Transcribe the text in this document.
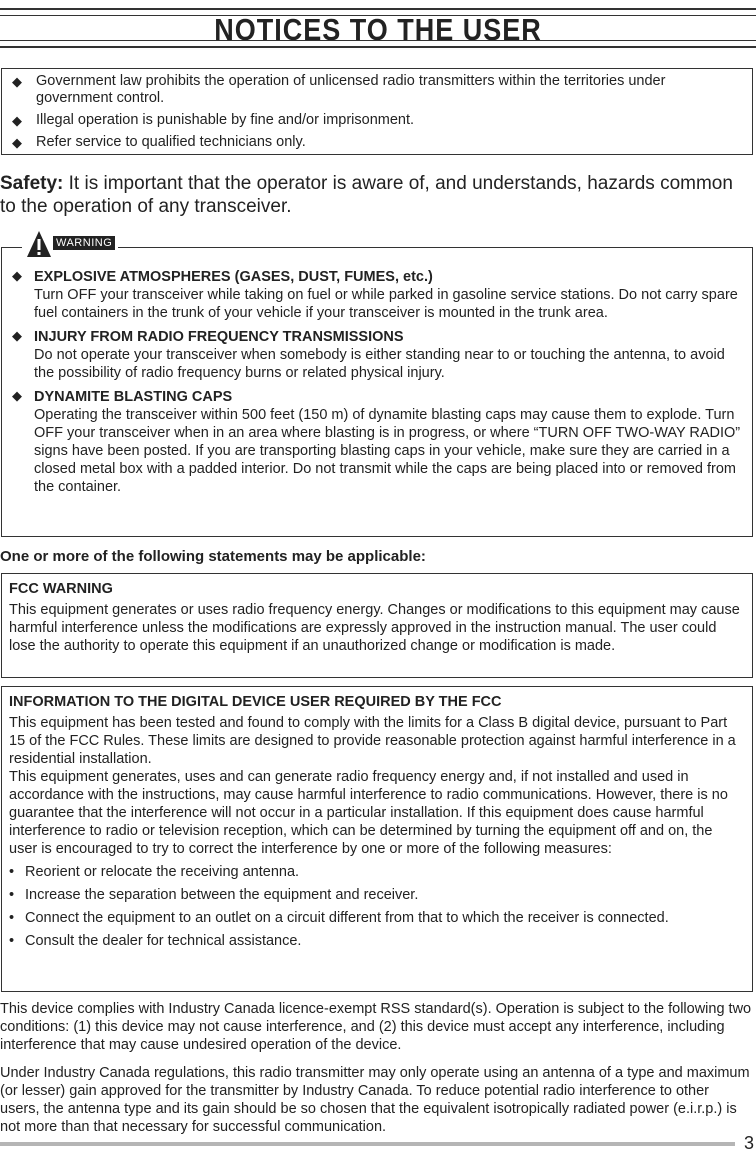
NOTICES TO THE USER
◆ Government law prohibits the operation of unlicensed radio transmitters within the territories under government control.
◆ Illegal operation is punishable by fine and/or imprisonment.
◆ Refer service to qualified technicians only.
Safety: It is important that the operator is aware of, and understands, hazards common to the operation of any transceiver.
◆ EXPLOSIVE ATMOSPHERES (GASES, DUST, FUMES, etc.)
Turn OFF your transceiver while taking on fuel or while parked in gasoline service stations. Do not carry spare fuel containers in the trunk of your vehicle if your transceiver is mounted in the trunk area.
◆ INJURY FROM RADIO FREQUENCY TRANSMISSIONS
Do not operate your transceiver when somebody is either standing near to or touching the antenna, to avoid the possibility of radio frequency burns or related physical injury.
◆ DYNAMITE BLASTING CAPS
Operating the transceiver within 500 feet (150 m) of dynamite blasting caps may cause them to explode. Turn OFF your transceiver when in an area where blasting is in progress, or where “TURN OFF TWO-WAY RADIO” signs have been posted. If you are transporting blasting caps in your vehicle, make sure they are carried in a closed metal box with a padded interior. Do not transmit while the caps are being placed into or removed from the container.
WARNING
One or more of the following statements may be applicable:
FCC WARNING
This equipment generates or uses radio frequency energy. Changes or modifications to this equipment may cause harmful interference unless the modifications are expressly approved in the instruction manual. The user could lose the authority to operate this equipment if an unauthorized change or modification is made.
INFORMATION TO THE DIGITAL DEVICE USER REQUIRED BY THE FCC
This equipment has been tested and found to comply with the limits for a Class B digital device, pursuant to Part 15 of the FCC Rules. These limits are designed to provide reasonable protection against harmful interference in a residential installation.
This equipment generates, uses and can generate radio frequency energy and, if not installed and used in accordance with the instructions, may cause harmful interference to radio communications. However, there is no guarantee that the interference will not occur in a particular installation. If this equipment does cause harmful interference to radio or television reception, which can be determined by turning the equipment off and on, the user is encouraged to try to correct the interference by one or more of the following measures:
• Reorient or relocate the receiving antenna.
• Increase the separation between the equipment and receiver.
• Connect the equipment to an outlet on a circuit different from that to which the receiver is connected.
• Consult the dealer for technical assistance.
This device complies with Industry Canada licence-exempt RSS standard(s). Operation is subject to the following two conditions: (1) this device may not cause interference, and (2) this device must accept any interference, including interference that may cause undesired operation of the device.
Under Industry Canada regulations, this radio transmitter may only operate using an antenna of a type and maximum (or lesser) gain approved for the transmitter by Industry Canada. To reduce potential radio interference to other users, the antenna type and its gain should be so chosen that the equivalent isotropically radiated power (e.i.r.p.) is not more than that necessary for successful communication.
3
